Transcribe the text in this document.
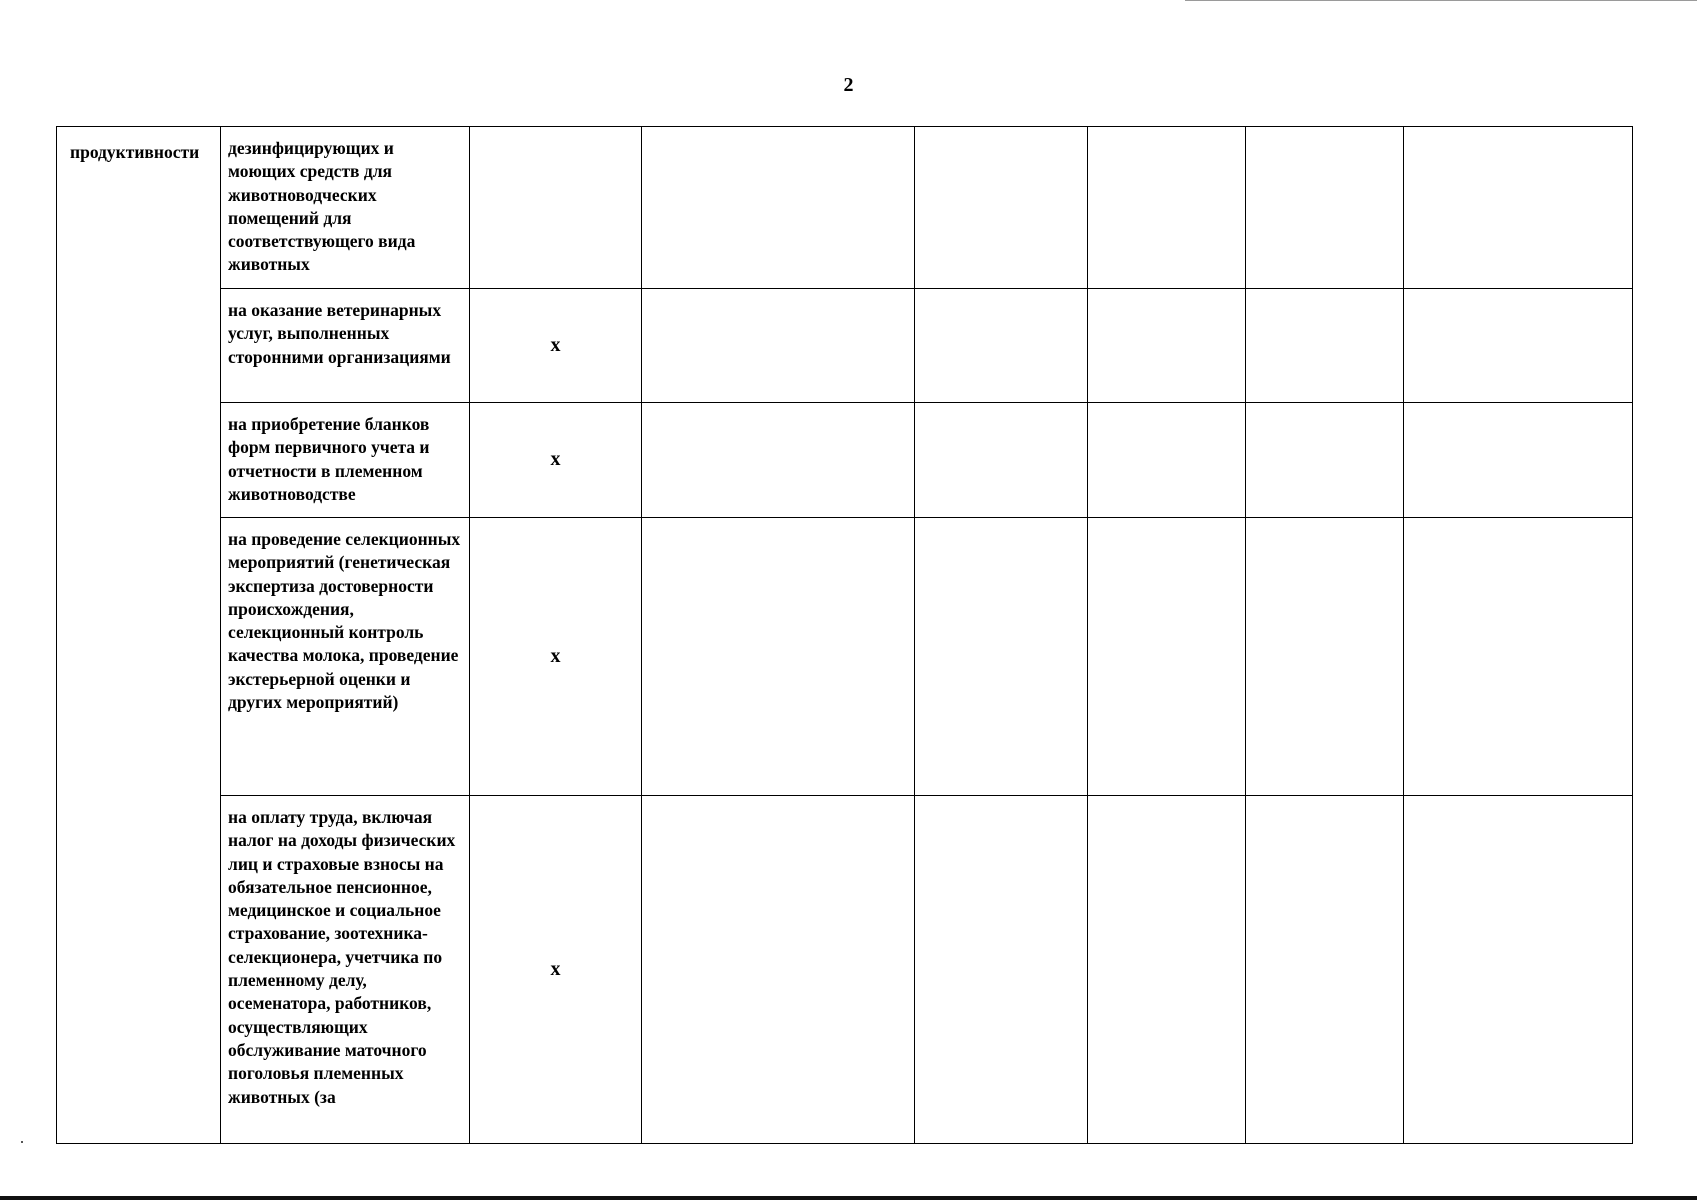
2
продуктивности	дезинфицирующих и моющих средств для животноводческих помещений для соответствующего вида животных						
	на оказание ветеринарных услуг, выполненных сторонними организациями	х					
	на приобретение бланков форм первичного учета и отчетности в племенном животноводстве	х					
	на проведение селекционных мероприятий (генетическая экспертиза достоверности происхождения, селекционный контроль качества молока, проведение экстерьерной оценки и других мероприятий)	х					
	на оплату труда, включая налог на доходы физических лиц и страховые взносы на обязательное пенсионное, медицинское и социальное страхование, зоотехника-селекционера, учетчика по племенному делу, осеменатора, работников, осуществляющих обслуживание маточного поголовья племенных животных (за	х					
